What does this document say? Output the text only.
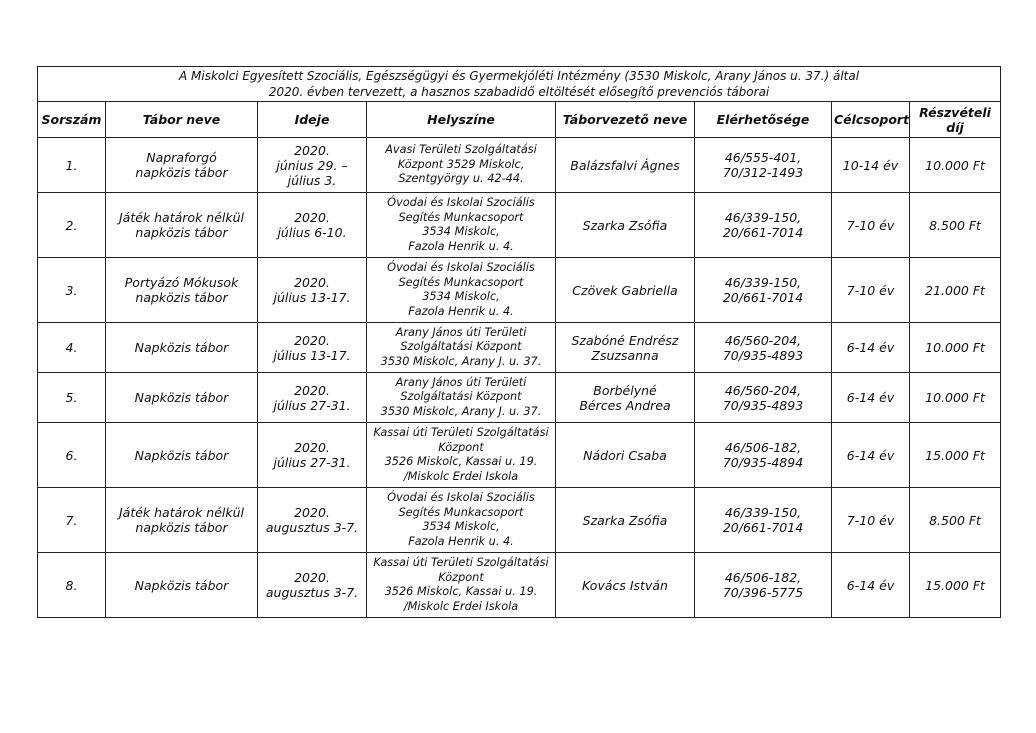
A Miskolci Egyesített Szociális, Egészségügyi és Gyermekjóléti Intézmény (3530 Miskolc, Arany János u. 37.) által
2020. évben tervezett, a hasznos szabadidő eltöltését elősegítő prevenciós táborai							

Sorszám	Tábor neve	Ideje	Helyszíne	Táborvezető neve	Elérhetősége	Célcsoport	Részvételi
díj
1.	Napraforgó
napközis tábor	2020.
június 29. –
július 3.	Avasi Területi Szolgáltatási
Központ 3529 Miskolc,
Szentgyörgy u. 42-44.	Balázsfalvi Ágnes	46/555-401,
70/312-1493	10-14 év	10.000 Ft
2.	Játék határok nélkül
napközis tábor	2020.
július 6-10.	Óvodai és Iskolai Szociális
Segítés Munkacsoport
3534 Miskolc,
Fazola Henrik u. 4.	Szarka Zsófia	46/339-150,
20/661-7014	7-10 év	8.500 Ft
3.	Portyázó Mókusok
napközis tábor	2020.
július 13-17.	Óvodai és Iskolai Szociális
Segítés Munkacsoport
3534 Miskolc,
Fazola Henrik u. 4.	Czövek Gabriella	46/339-150,
20/661-7014	7-10 év	21.000 Ft
4.	Napközis tábor	2020.
július 13-17.	Arany János úti Területi
Szolgáltatási Központ
3530 Miskolc, Arany J. u. 37.	Szabóné Endrész
Zsuzsanna	46/560-204,
70/935-4893	6-14 év	10.000 Ft
5.	Napközis tábor	2020.
július 27-31.	Arany János úti Területi
Szolgáltatási Központ
3530 Miskolc, Arany J. u. 37.	Borbélyné
Bérces Andrea	46/560-204,
70/935-4893	6-14 év	10.000 Ft
6.	Napközis tábor	2020.
július 27-31.	Kassai úti Területi Szolgáltatási
Központ
3526 Miskolc, Kassai u. 19.
/Miskolc Erdei Iskola	Nádori Csaba	46/506-182,
70/935-4894	6-14 év	15.000 Ft
7.	Játék határok nélkül
napközis tábor	2020.
augusztus 3-7.	Óvodai és Iskolai Szociális
Segítés Munkacsoport
3534 Miskolc,
Fazola Henrik u. 4.	Szarka Zsófia	46/339-150,
20/661-7014	7-10 év	8.500 Ft
8.	Napközis tábor	2020.
augusztus 3-7.	Kassai úti Területi Szolgáltatási
Központ
3526 Miskolc, Kassai u. 19.
/Miskolc Erdei Iskola	Kovács István	46/506-182,
70/396-5775	6-14 év	15.000 Ft
